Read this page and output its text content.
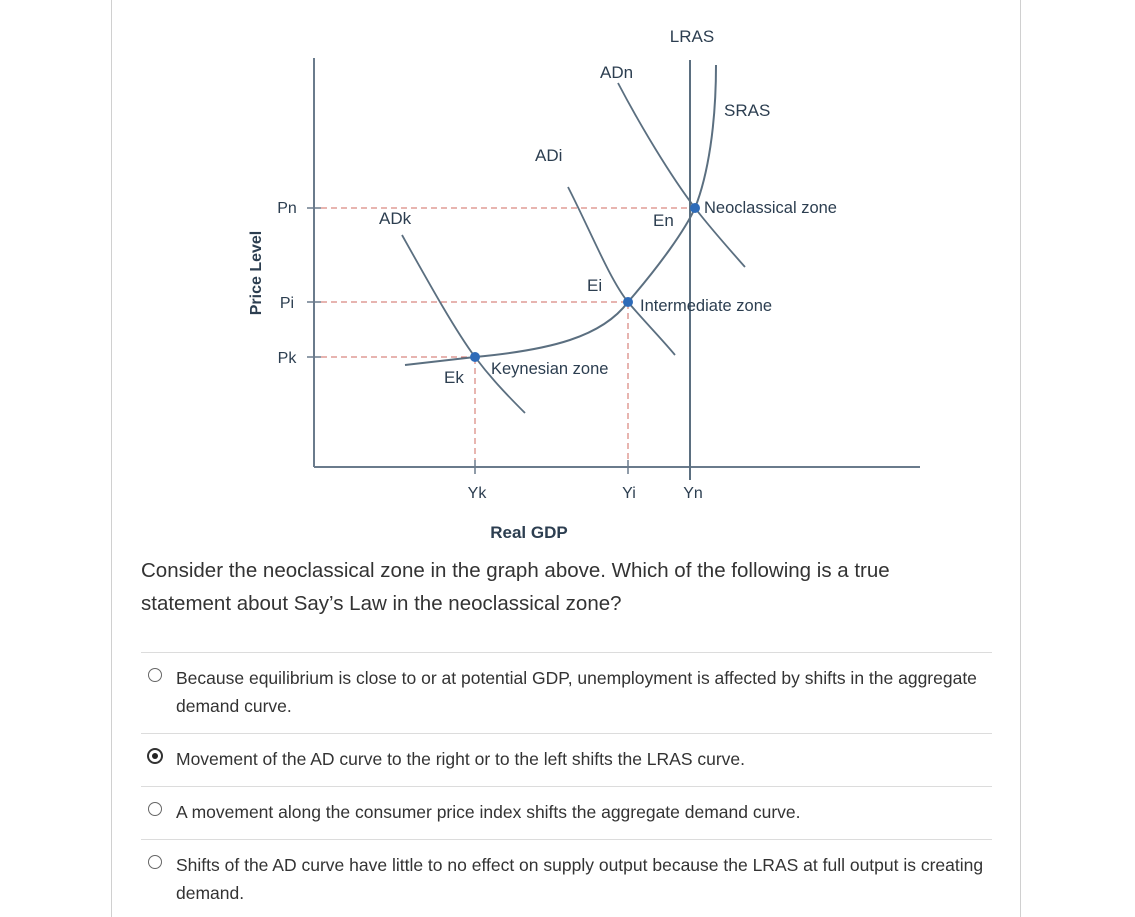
Price Level
Pn
Pi
Pk
Yk	Yi	Yn
Real GDP
LRAS
SRAS
ADn
ADi
ADk	En
Ei
Ek
Neoclassical zone
Intermediate zone
Keynesian zone
Consider the neoclassical zone in the graph above. Which of the following is a true statement about Say’s Law in the neoclassical zone?
Because equilibrium is close to or at potential GDP, unemployment is affected by shifts in the aggregate demand curve.
Movement of the AD curve to the right or to the left shifts the LRAS curve.
A movement along the consumer price index shifts the aggregate demand curve.
Shifts of the AD curve have little to no effect on supply output because the LRAS at full output is creating demand.
